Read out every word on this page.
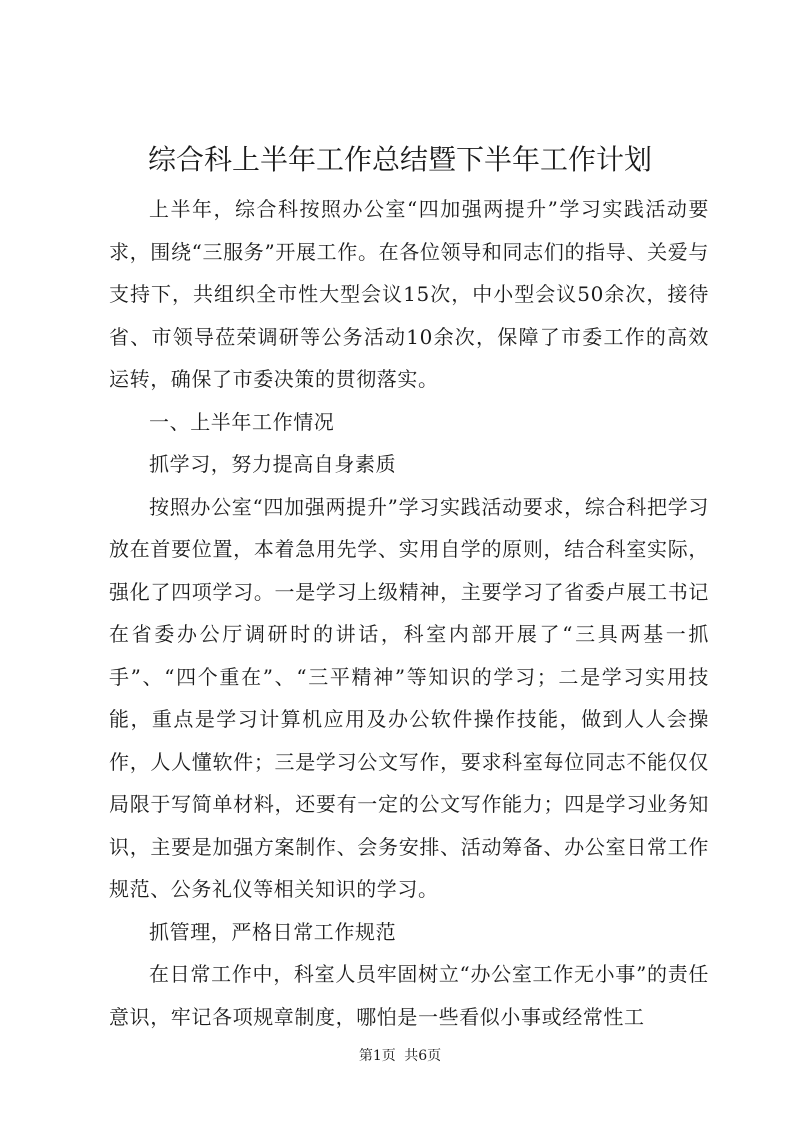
综合科上半年工作总结暨下半年工作计划

上半年，综合科按照办公室“四加强两提升”学习实践活动要求，围绕“三服务”开展工作。在各位领导和同志们的指导、关爱与支持下，共组织全市性大型会议15次，中小型会议50余次，接待省、市领导莅荣调研等公务活动10余次，保障了市委工作的高效运转，确保了市委决策的贯彻落实。

一、上半年工作情况

抓学习，努力提高自身素质

按照办公室“四加强两提升”学习实践活动要求，综合科把学习放在首要位置，本着急用先学、实用自学的原则，结合科室实际，强化了四项学习。一是学习上级精神，主要学习了省委卢展工书记在省委办公厅调研时的讲话，科室内部开展了“三具两基一抓手”、“四个重在”、“三平精神”等知识的学习；二是学习实用技能，重点是学习计算机应用及办公软件操作技能，做到人人会操作，人人懂软件；三是学习公文写作，要求科室每位同志不能仅仅局限于写简单材料，还要有一定的公文写作能力；四是学习业务知识，主要是加强方案制作、会务安排、活动筹备、办公室日常工作规范、公务礼仪等相关知识的学习。

抓管理，严格日常工作规范

在日常工作中，科室人员牢固树立“办公室工作无小事”的责任意识，牢记各项规章制度，哪怕是一些看似小事或经常性工

第1页 共6页
